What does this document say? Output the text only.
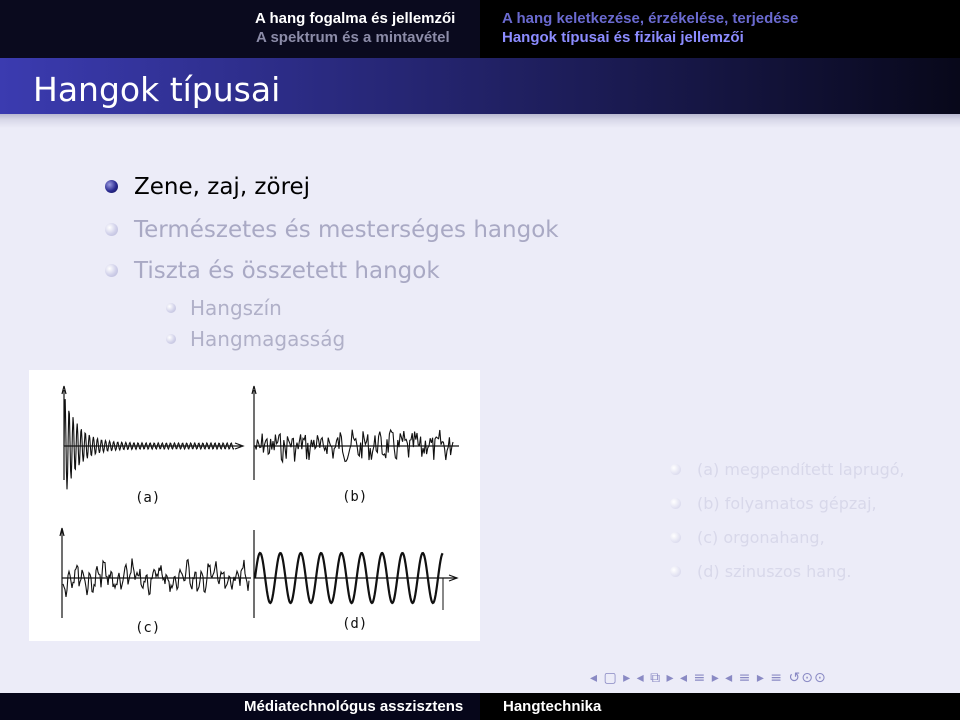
A hang fogalma és jellemzői
A spektrum és a mintavétel
A hang keletkezése, érzékelése, terjedése
Hangok típusai és fizikai jellemzői
Hangok típusai
Zene, zaj, zörej
Természetes és mesterséges hangok
Tiszta és összetett hangok
Hangszín
Hangmagasság
(a)	(b)
(c)	(d)
(a) megpendített laprugó,
(b) folyamatos gépzaj,
(c) orgonahang,
(d) szinuszos hang.
◂ ▢ ▸ ◂ ⧉ ▸ ◂ ≡ ▸ ◂ ≡ ▸ ≡ ↺⊙⊙
Médiatechnológus asszisztens	Hangtechnika
